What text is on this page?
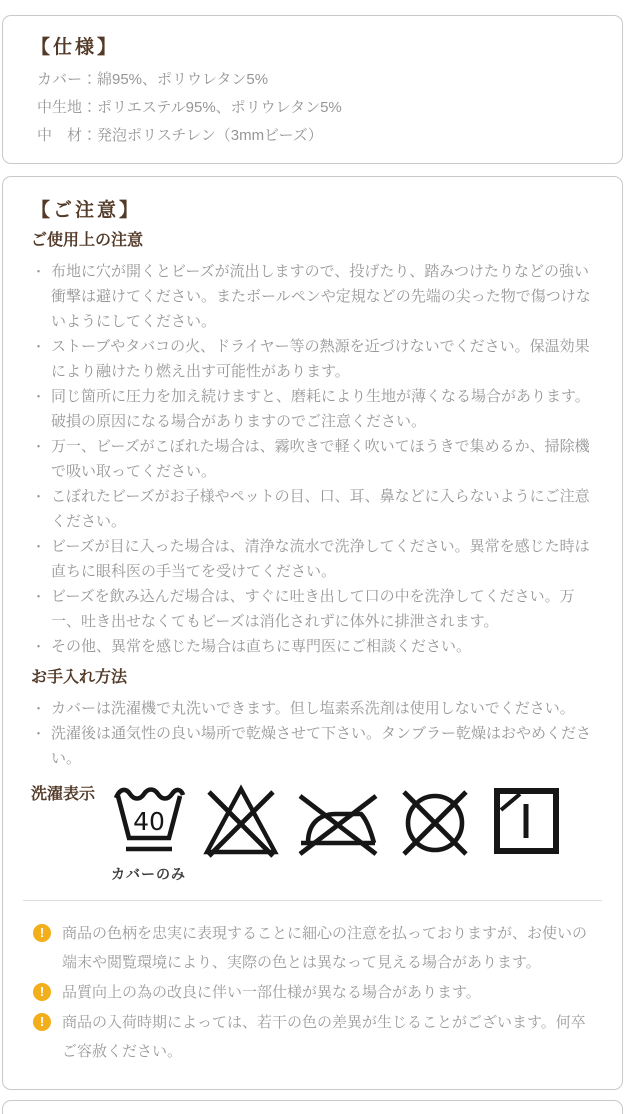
【仕様】
カバー：綿95%、ポリウレタン5%
中生地：ポリエステル95%、ポリウレタン5%
中　材：発泡ポリスチレン（3mmビーズ）
【ご注意】
ご使用上の注意
・ 布地に穴が開くとビーズが流出しますので、投げたり、踏みつけたりなどの強い衝撃は避けてください。またボールペンや定規などの先端の尖った物で傷つけないようにしてください。
・ ストーブやタバコの火、ドライヤー等の熱源を近づけないでください。保温効果により融けたり燃え出す可能性があります。
・ 同じ箇所に圧力を加え続けますと、磨耗により生地が薄くなる場合があります。破損の原因になる場合がありますのでご注意ください。
・ 万一、ビーズがこぼれた場合は、霧吹きで軽く吹いてほうきで集めるか、掃除機で吸い取ってください。
・ こぼれたビーズがお子様やペットの目、口、耳、鼻などに入らないようにご注意ください。
・ ビーズが目に入った場合は、清浄な流水で洗浄してください。異常を感じた時は直ちに眼科医の手当てを受けてください。
・ ビーズを飲み込んだ場合は、すぐに吐き出して口の中を洗浄してください。万一、吐き出せなくてもビーズは消化されずに体外に排泄されます。
・ その他、異常を感じた場合は直ちに専門医にご相談ください。
お手入れ方法
・ カバーは洗濯機で丸洗いできます。但し塩素系洗剤は使用しないでください。
・ 洗濯後は通気性の良い場所で乾燥させて下さい。タンブラー乾燥はおやめください。
洗濯表示
40
カバーのみ
!	商品の色柄を忠実に表現することに細心の注意を払っておりますが、お使いの端末や閲覧環境により、実際の色とは異なって見える場合があります。
!	品質向上の為の改良に伴い一部仕様が異なる場合があります。
!	商品の入荷時期によっては、若干の色の差異が生じることがございます。何卒ご容赦ください。
